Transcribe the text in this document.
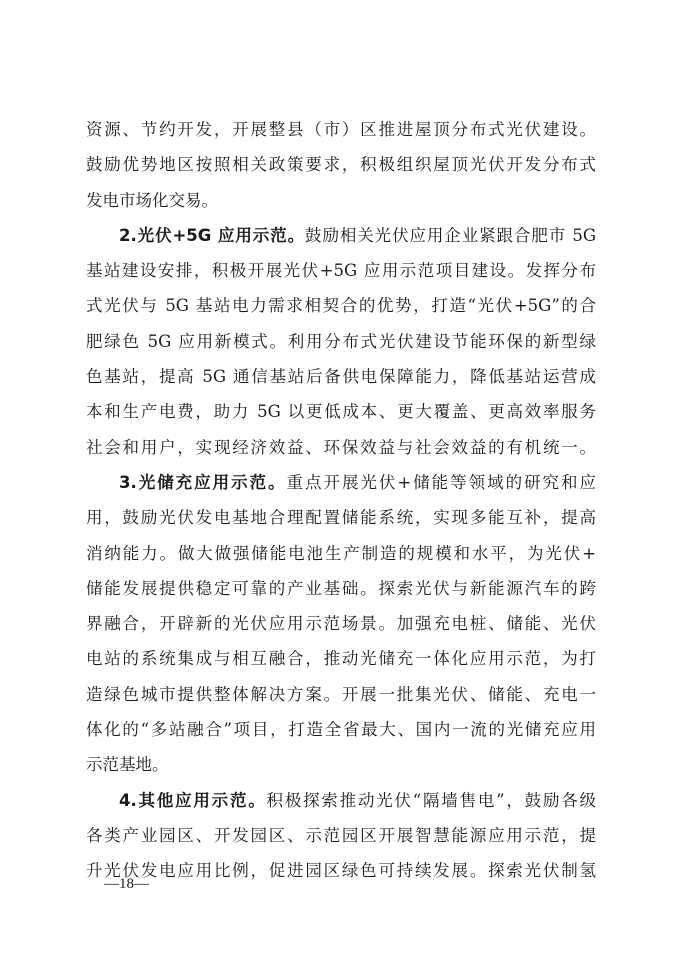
资源、节约开发，开展整县（市）区推进屋顶分布式光伏建设。
鼓励优势地区按照相关政策要求，积极组织屋顶光伏开发分布式
发电市场化交易。
2.光伏+5G 应用示范。鼓励相关光伏应用企业紧跟合肥市 5G
基站建设安排，积极开展光伏+5G 应用示范项目建设。发挥分布
式光伏与 5G 基站电力需求相契合的优势，打造“光伏+5G”的合
肥绿色 5G 应用新模式。利用分布式光伏建设节能环保的新型绿
色基站，提高 5G 通信基站后备供电保障能力，降低基站运营成
本和生产电费，助力 5G 以更低成本、更大覆盖、更高效率服务
社会和用户，实现经济效益、环保效益与社会效益的有机统一。
3.光储充应用示范。重点开展光伏+储能等领域的研究和应
用，鼓励光伏发电基地合理配置储能系统，实现多能互补，提高
消纳能力。做大做强储能电池生产制造的规模和水平，为光伏+
储能发展提供稳定可靠的产业基础。探索光伏与新能源汽车的跨
界融合，开辟新的光伏应用示范场景。加强充电桩、储能、光伏
电站的系统集成与相互融合，推动光储充一体化应用示范，为打
造绿色城市提供整体解决方案。开展一批集光伏、储能、充电一
体化的“多站融合”项目，打造全省最大、国内一流的光储充应用
示范基地。
4.其他应用示范。积极探索推动光伏“隔墙售电”，鼓励各级
各类产业园区、开发园区、示范园区开展智慧能源应用示范，提
升光伏发电应用比例，促进园区绿色可持续发展。探索光伏制氢
—18—
